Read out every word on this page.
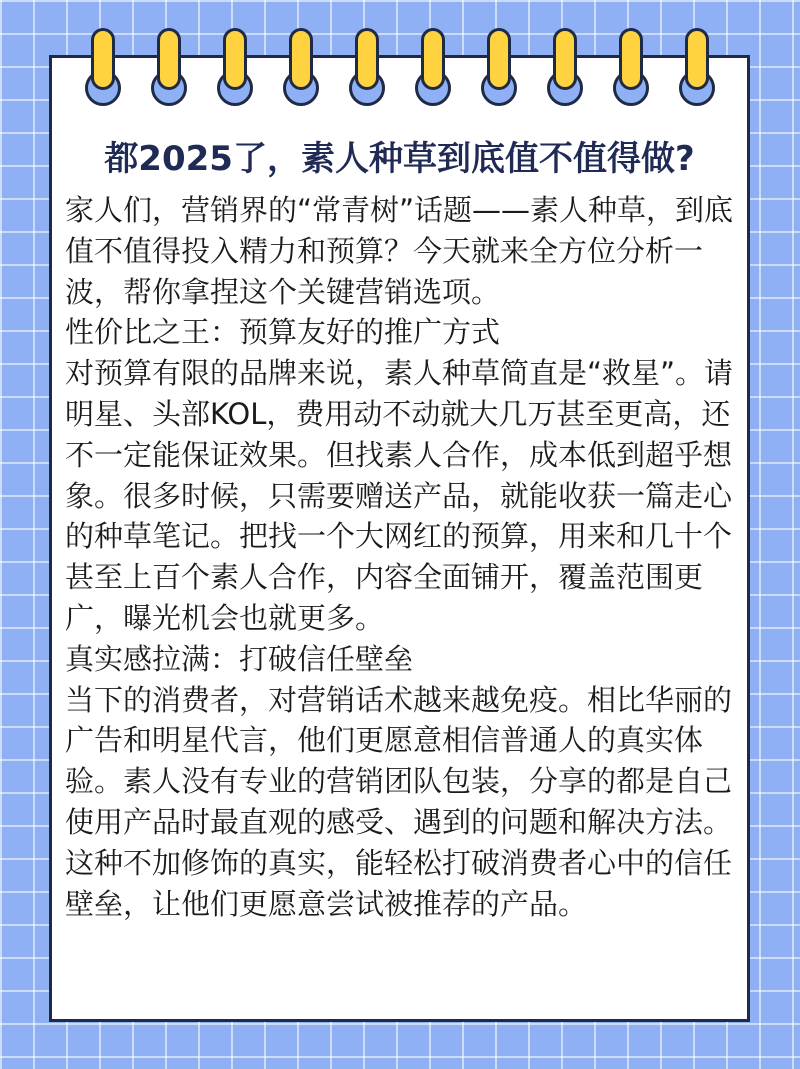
都2025了，素人种草到底值不值得做?

家人们，营销界的“常青树”话题——素人种草，到底值不值得投入精力和预算？今天就来全方位分析一波，帮你拿捏这个关键营销选项。

性价比之王：预算友好的推广方式

对预算有限的品牌来说，素人种草简直是“救星”。请明星、头部KOL，费用动不动就大几万甚至更高，还不一定能保证效果。但找素人合作，成本低到超乎想象。很多时候，只需要赠送产品，就能收获一篇走心的种草笔记。把找一个大网红的预算，用来和几十个甚至上百个素人合作，内容全面铺开，覆盖范围更广，曝光机会也就更多。

真实感拉满：打破信任壁垒

当下的消费者，对营销话术越来越免疫。相比华丽的广告和明星代言，他们更愿意相信普通人的真实体验。素人没有专业的营销团队包装，分享的都是自己使用产品时最直观的感受、遇到的问题和解决方法。这种不加修饰的真实，能轻松打破消费者心中的信任壁垒，让他们更愿意尝试被推荐的产品。
